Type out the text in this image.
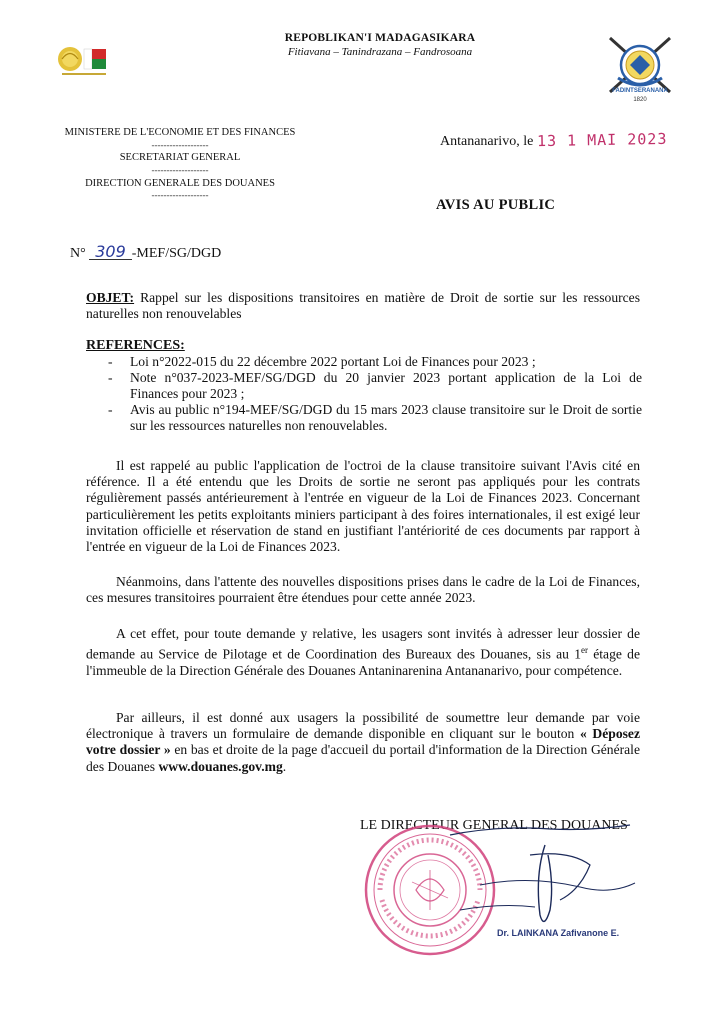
REPOBLIKAN'I MADAGASIKARA
Fitiavana – Tanindrazana – Fandrosoana
FADINTSERANANA
1820
MINISTERE DE L'ECONOMIE ET DES FINANCES
-------------------
SECRETARIAT GENERAL
-------------------
DIRECTION GENERALE DES DOUANES
-------------------
Antananarivo, le 13 1 MAI 2023
AVIS AU PUBLIC
N° 309 -MEF/SG/DGD
OBJET: Rappel sur les dispositions transitoires en matière de Droit de sortie sur les ressources naturelles non renouvelables
REFERENCES:
- Loi n°2022-015 du 22 décembre 2022 portant Loi de Finances pour 2023 ;
- Note n°037-2023-MEF/SG/DGD du 20 janvier 2023 portant application de la Loi de Finances pour 2023 ;
- Avis au public n°194-MEF/SG/DGD du 15 mars 2023 clause transitoire sur le Droit de sortie sur les ressources naturelles non renouvelables.
Il est rappelé au public l'application de l'octroi de la clause transitoire suivant l'Avis cité en référence. Il a été entendu que les Droits de sortie ne seront pas appliqués pour les contrats régulièrement passés antérieurement à l'entrée en vigueur de la Loi de Finances 2023. Concernant particulièrement les petits exploitants miniers participant à des foires internationales, il est exigé leur invitation officielle et réservation de stand en justifiant l'antériorité de ces documents par rapport à l'entrée en vigueur de la Loi de Finances 2023.
Néanmoins, dans l'attente des nouvelles dispositions prises dans le cadre de la Loi de Finances, ces mesures transitoires pourraient être étendues pour cette année 2023.
A cet effet, pour toute demande y relative, les usagers sont invités à adresser leur dossier de demande au Service de Pilotage et de Coordination des Bureaux des Douanes, sis au 1er étage de l'immeuble de la Direction Générale des Douanes Antaninarenina Antananarivo, pour compétence.
Par ailleurs, il est donné aux usagers la possibilité de soumettre leur demande par voie électronique à travers un formulaire de demande disponible en cliquant sur le bouton « Déposez votre dossier » en bas et droite de la page d'accueil du portail d'information de la Direction Générale des Douanes www.douanes.gov.mg.
LE DIRECTEUR GENERAL DES DOUANES
Dr. LAINKANA Zafivanone E.
